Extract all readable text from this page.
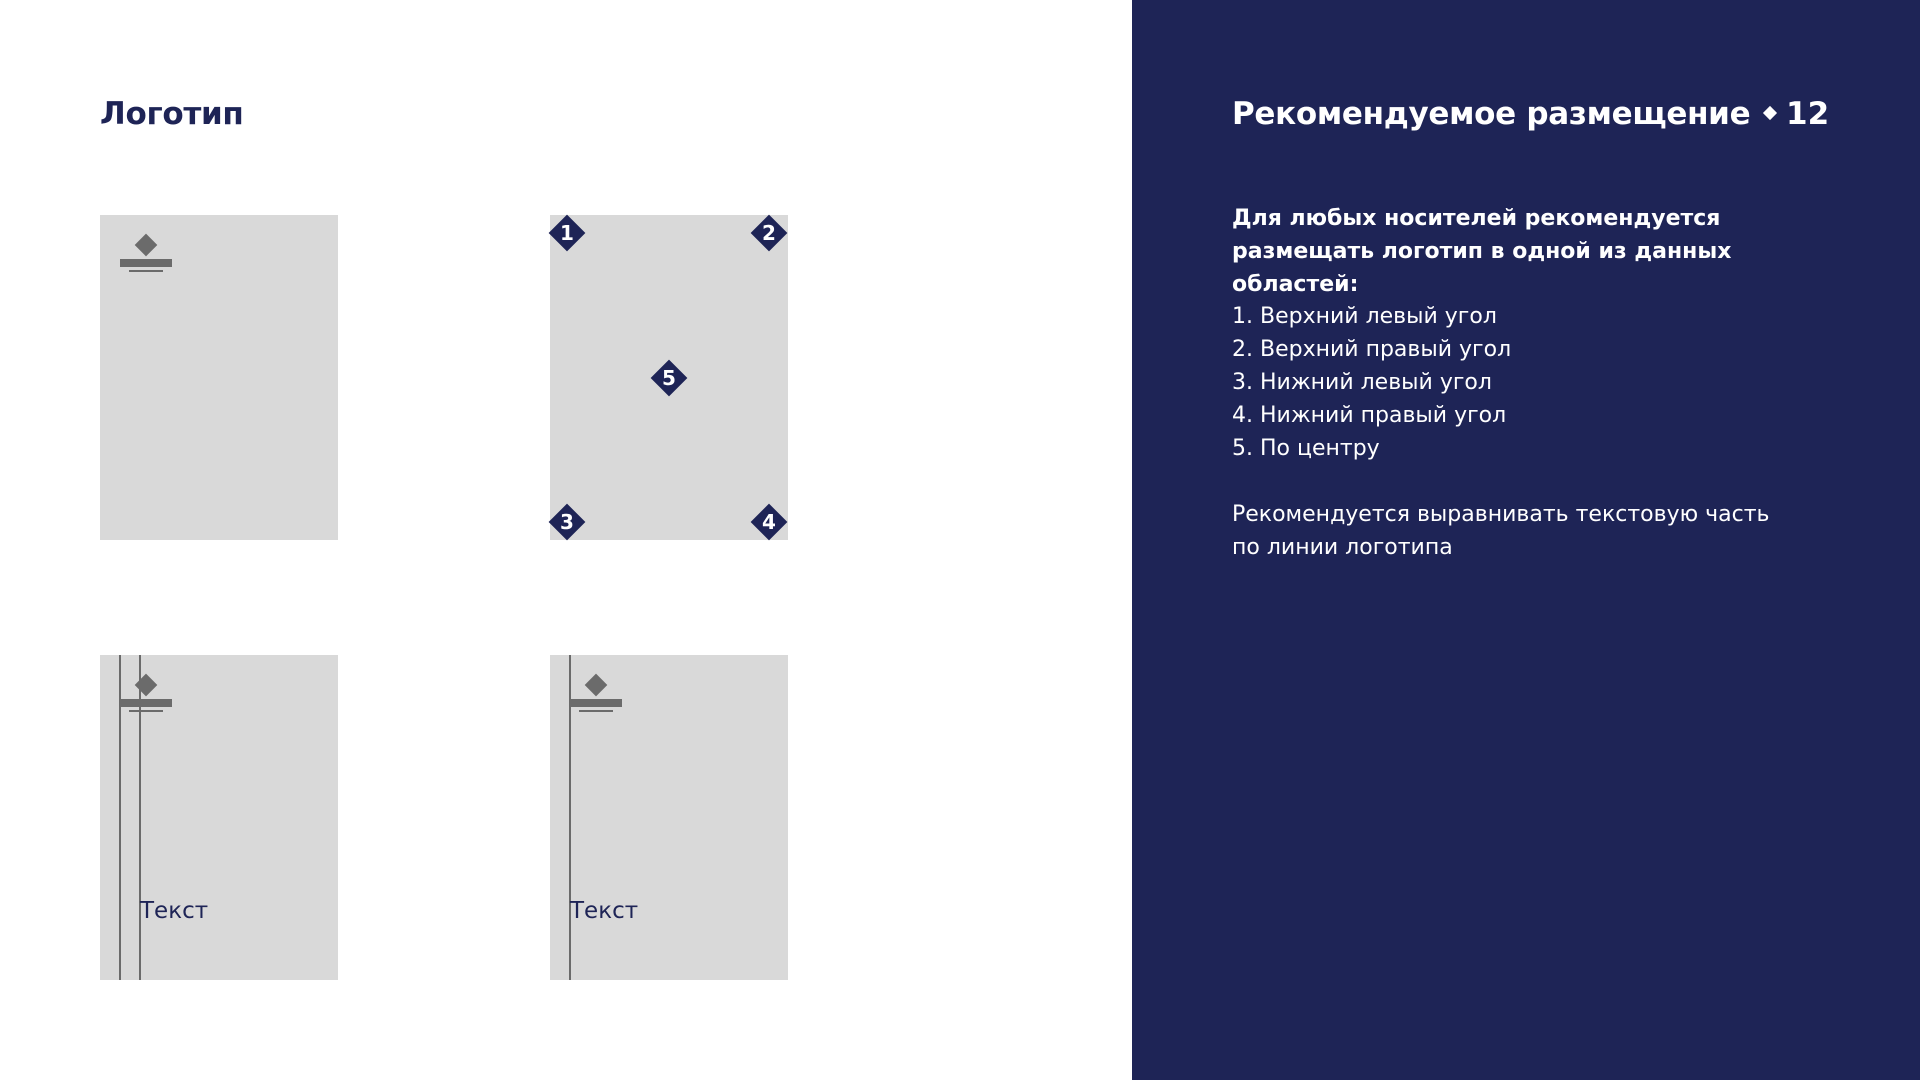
Логотип
1	2
3	4
5
Текст	Текст
Рекомендуемое размещение 12

Для любых носителей рекомендуется
размещать логотип в одной из данных областей:

1. Верхний левый угол
2. Верхний правый угол
3. Нижний левый угол
4. Нижний правый угол
5. По центру

Рекомендуется выравнивать текстовую часть
по линии логотипа
